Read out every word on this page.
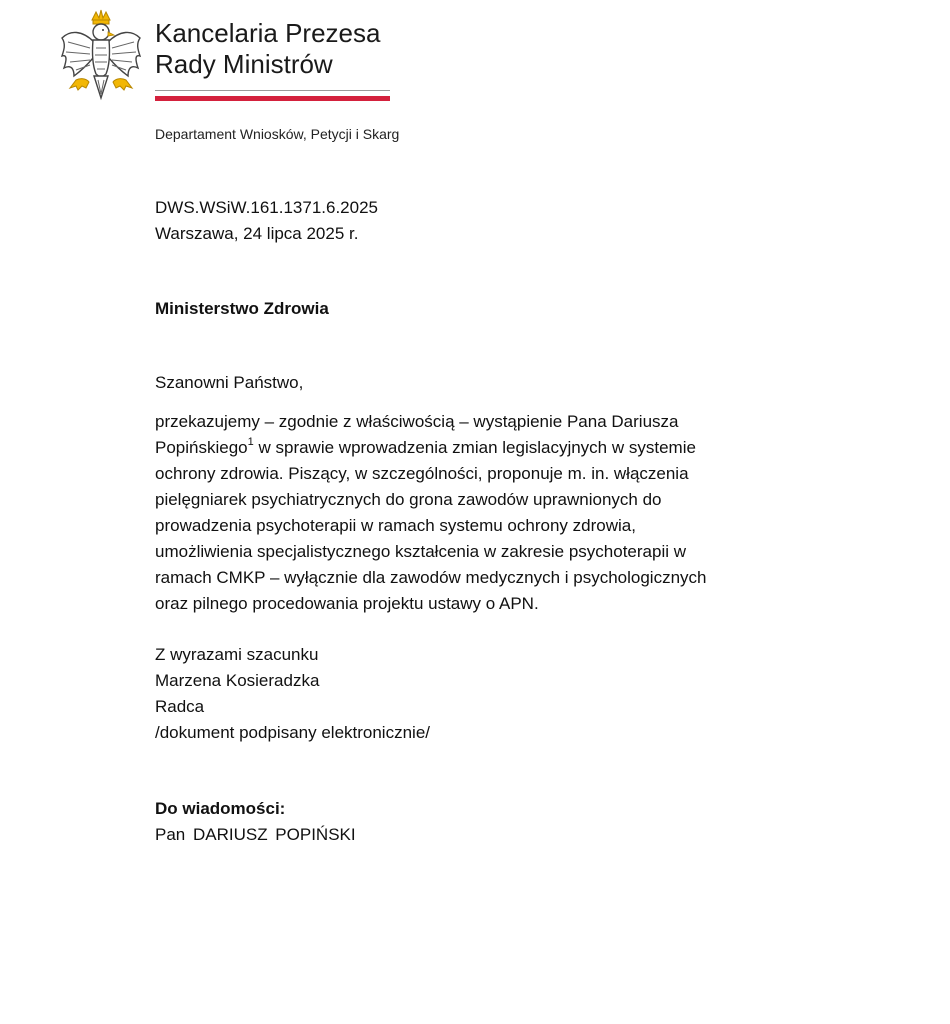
Kancelaria Prezesa
Rady Ministrów
Departament Wniosków, Petycji i Skarg
DWS.WSiW.161.1371.6.2025
Warszawa, 24 lipca 2025 r.
Ministerstwo Zdrowia
Szanowni Państwo,
przekazujemy – zgodnie z właściwością – wystąpienie Pana Dariusza
Popińskiego$^1$ w sprawie wprowadzenia zmian legislacyjnych w systemie
ochrony zdrowia. Piszący, w szczególności, proponuje m. in. włączenia
pielęgniarek psychiatrycznych do grona zawodów uprawnionych do
prowadzenia psychoterapii w ramach systemu ochrony zdrowia,
umożliwienia specjalistycznego kształcenia w zakresie psychoterapii w
ramach CMKP – wyłącznie dla zawodów medycznych i psychologicznych
oraz pilnego procedowania projektu ustawy o APN.
Z wyrazami szacunku
Marzena Kosieradzka
Radca
/dokument podpisany elektronicznie/
Do wiadomości:
Pan DARIUSZ POPIŃSKI
